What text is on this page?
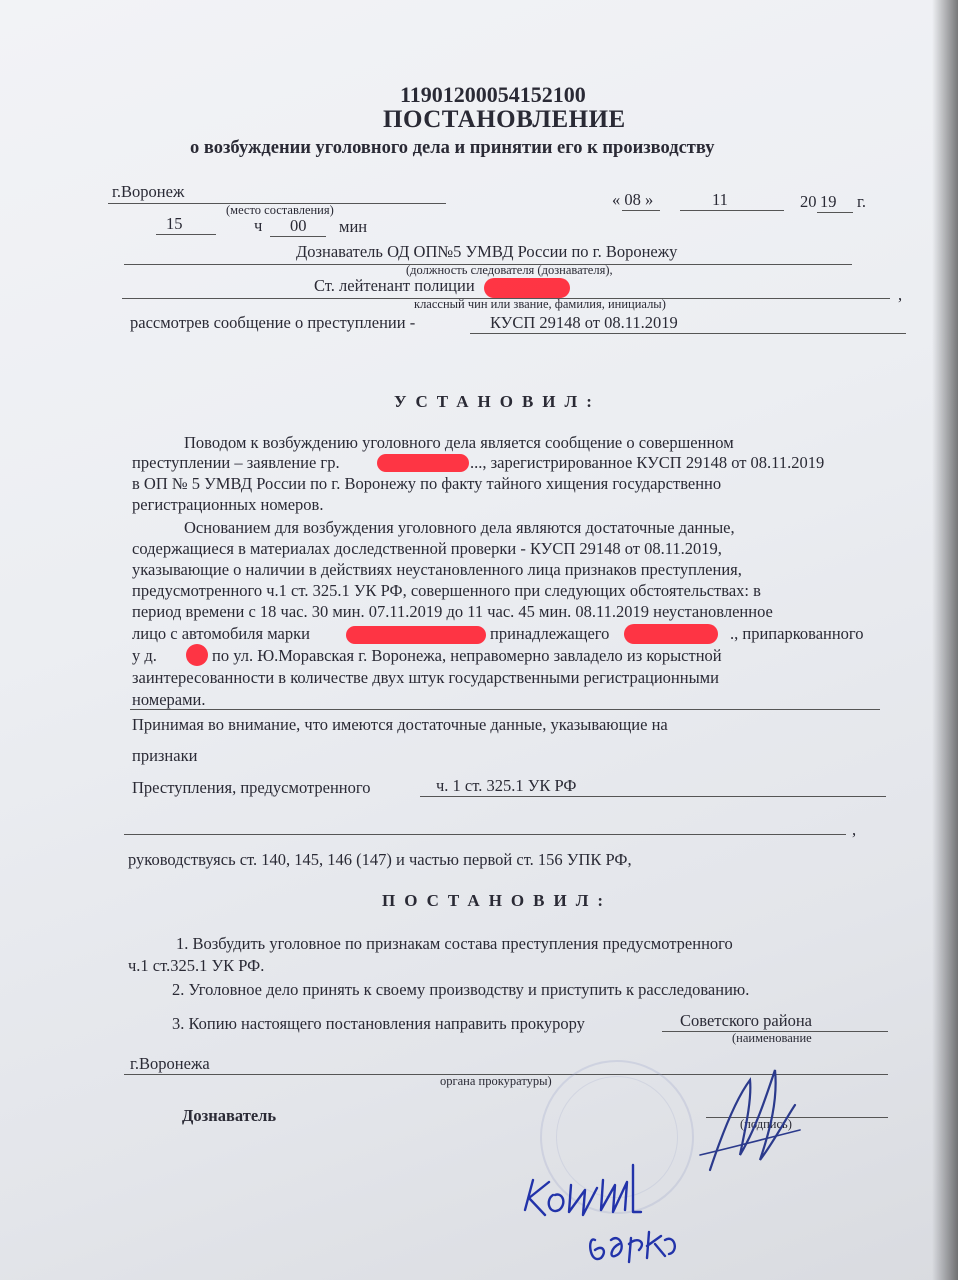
11901200054152100
ПОСТАНОВЛЕНИЕ
о возбуждении уголовного дела и принятии его к производству
г.Воронеж
(место составления)
« 08 »	11	20 19 г.
15	ч 00 мин
Дознаватель ОД ОП№5 УМВД России по г. Воронежу
(должность следователя (дознавателя),
Ст. лейтенант полиции	,
классный чин или звание, фамилия, инициалы)
рассмотрев сообщение о преступлении -	КУСП 29148 от 08.11.2019
УСТАНОВИЛ:
Поводом к возбуждению уголовного дела является сообщение о совершенном
преступлении – заявление гр.	..., зарегистрированное КУСП 29148 от 08.11.2019
в ОП № 5 УМВД России по г. Воронежу по факту тайного хищения государственно
регистрационных номеров.
Основанием для возбуждения уголовного дела являются достаточные данные,
содержащиеся в материалах доследственной проверки - КУСП 29148 от 08.11.2019,
указывающие о наличии в действиях неустановленного лица признаков преступления,
предусмотренного ч.1 ст. 325.1 УК РФ, совершенного при следующих обстоятельствах: в
период времени с 18 час. 30 мин. 07.11.2019 до 11 час. 45 мин. 08.11.2019 неустановленное
лицо с автомобиля марки	принадлежащего	., припаркованного
у д.	по ул. Ю.Моравская г. Воронежа, неправомерно завладело из корыстной
заинтересованности в количестве двух штук государственными регистрационными
номерами.
Принимая во внимание, что имеются достаточные данные, указывающие на
признаки
Преступления, предусмотренного	ч. 1 ст. 325.1 УК РФ
,
руководствуясь ст. 140, 145, 146 (147) и частью первой ст. 156 УПК РФ,
ПОСТАНОВИЛ:
1. Возбудить уголовное по признакам состава преступления предусмотренного
ч.1 ст.325.1 УК РФ.
2. Уголовное дело принять к своему производству и приступить к расследованию.
3. Копию настоящего постановления направить прокурору	Советского района
(наименование
г.Воронежа
органа прокуратуры)
Дознаватель	(подпись)
